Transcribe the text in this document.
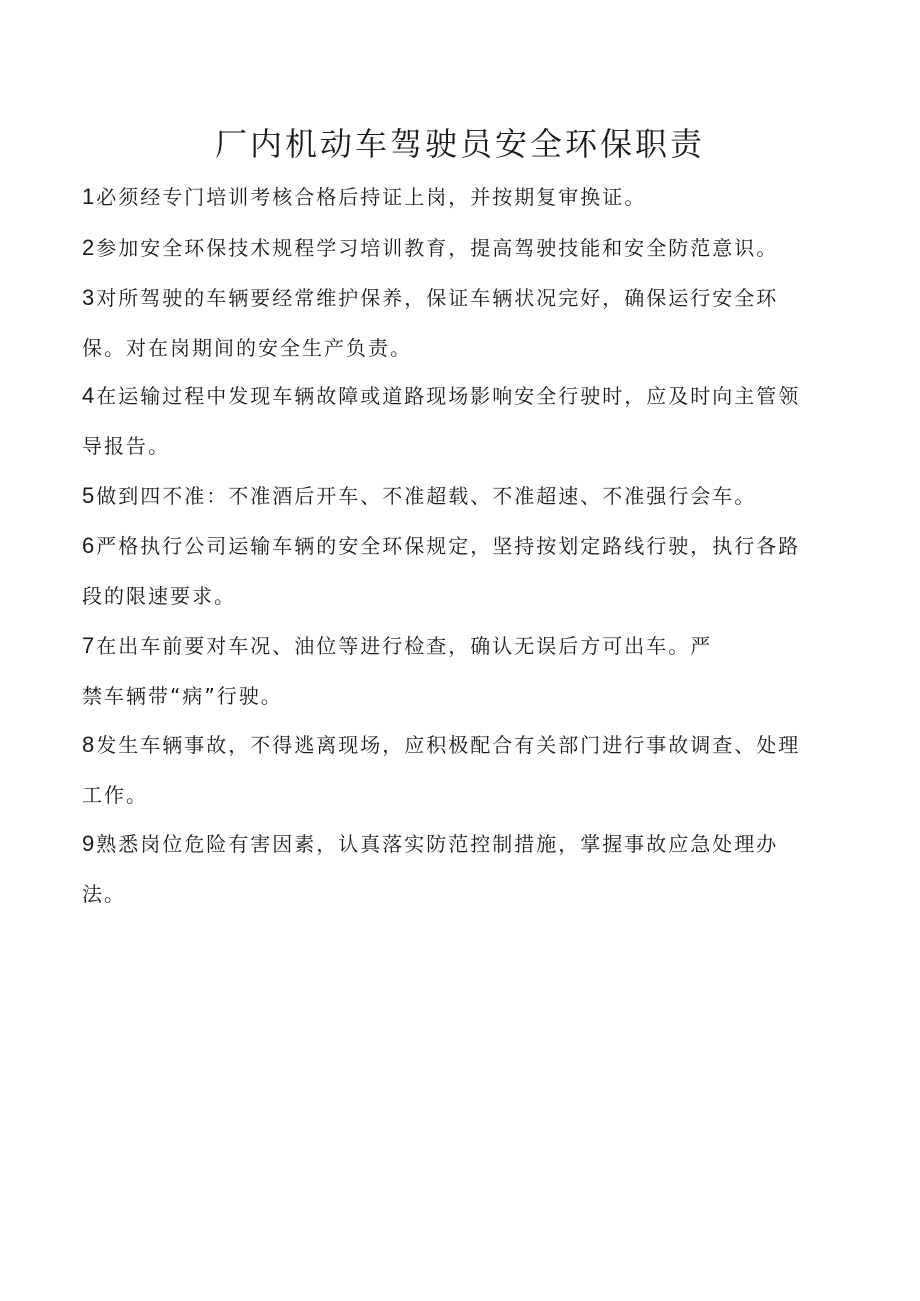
厂内机动车驾驶员安全环保职责
1 必须经专门培训考核合格后持证上岗，并按期复审换证。
2 参加安全环保技术规程学习培训教育，提高驾驶技能和安全防范意识。
3 对所驾驶的车辆要经常维护保养，保证车辆状况完好，确保运行安全环
保。对在岗期间的安全生产负责。
4 在运输过程中发现车辆故障或道路现场影响安全行驶时，应及时向主管领
导报告。
5 做到四不准：不准酒后开车、不准超载、不准超速、不准强行会车。
6 严格执行公司运输车辆的安全环保规定，坚持按划定路线行驶，执行各路
段的限速要求。
7 在出车前要对车况、油位等进行检查，确认无误后方可出车。严
禁车辆带“病”行驶。
8 发生车辆事故，不得逃离现场，应积极配合有关部门进行事故调查、处理
工作。
9 熟悉岗位危险有害因素，认真落实防范控制措施，掌握事故应急处理办
法。
